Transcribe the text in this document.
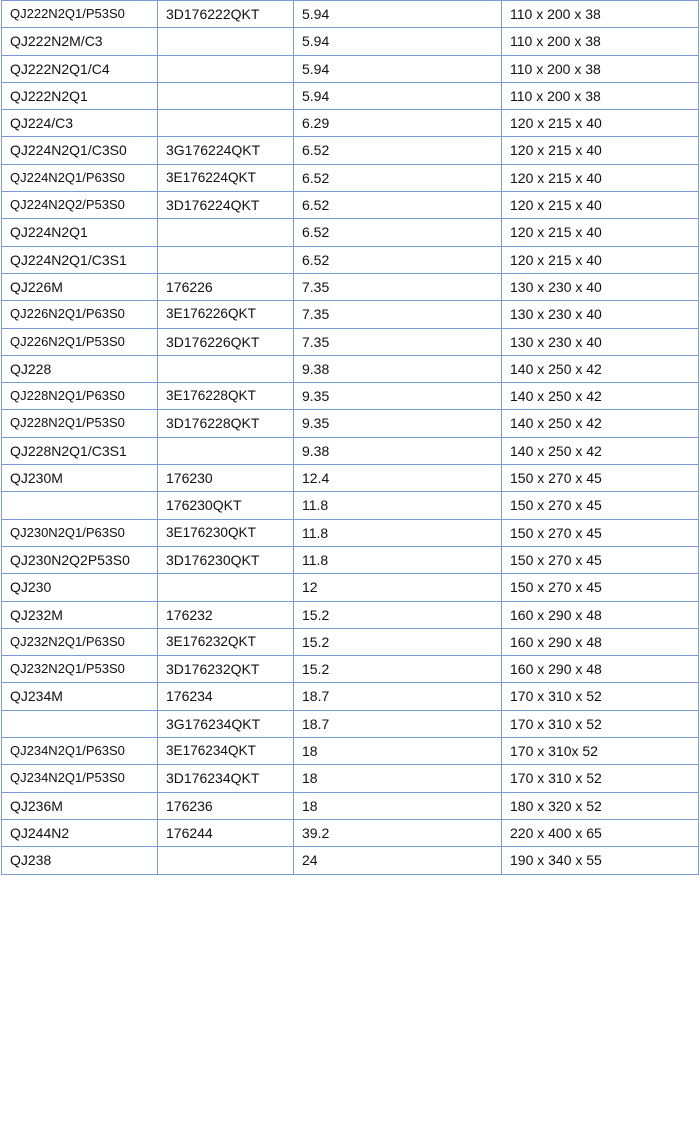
QJ222N2Q1/P53S0	3D176222QKT	5.94	110 x 200 x 38
QJ222N2M/C3		5.94	110 x 200 x 38
QJ222N2Q1/C4		5.94	110 x 200 x 38
QJ222N2Q1		5.94	110 x 200 x 38
QJ224/C3		6.29	120 x 215 x 40
QJ224N2Q1/C3S0	3G176224QKT	6.52	120 x 215 x 40
QJ224N2Q1/P63S0	3E176224QKT	6.52	120 x 215 x 40
QJ224N2Q2/P53S0	3D176224QKT	6.52	120 x 215 x 40
QJ224N2Q1		6.52	120 x 215 x 40
QJ224N2Q1/C3S1		6.52	120 x 215 x 40
QJ226M	176226	7.35	130 x 230 x 40
QJ226N2Q1/P63S0	3E176226QKT	7.35	130 x 230 x 40
QJ226N2Q1/P53S0	3D176226QKT	7.35	130 x 230 x 40
QJ228		9.38	140 x 250 x 42
QJ228N2Q1/P63S0	3E176228QKT	9.35	140 x 250 x 42
QJ228N2Q1/P53S0	3D176228QKT	9.35	140 x 250 x 42
QJ228N2Q1/C3S1		9.38	140 x 250 x 42
QJ230M	176230	12.4	150 x 270 x 45
	176230QKT	11.8	150 x 270 x 45
QJ230N2Q1/P63S0	3E176230QKT	11.8	150 x 270 x 45
QJ230N2Q2P53S0	3D176230QKT	11.8	150 x 270 x 45
QJ230		12	150 x 270 x 45
QJ232M	176232	15.2	160 x 290 x 48
QJ232N2Q1/P63S0	3E176232QKT	15.2	160 x 290 x 48
QJ232N2Q1/P53S0	3D176232QKT	15.2	160 x 290 x 48
QJ234M	176234	18.7	170 x 310 x 52
	3G176234QKT	18.7	170 x 310 x 52
QJ234N2Q1/P63S0	3E176234QKT	18	170 x 310x 52
QJ234N2Q1/P53S0	3D176234QKT	18	170 x 310 x 52
QJ236M	176236	18	180 x 320 x 52
QJ244N2	176244	39.2	220 x 400 x 65
QJ238		24	190 x 340 x 55
